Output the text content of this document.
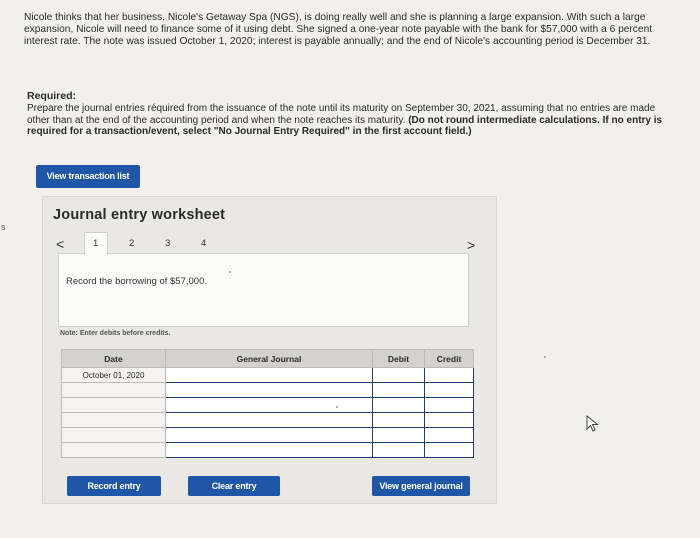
s
Nicole thinks that her business, Nicole's Getaway Spa (NGS), is doing really well and she is planning a large expansion. With such a large expansion, Nicole will need to finance some of it using debt. She signed a one-year note payable with the bank for $57,000 with a 6 percent interest rate. The note was issued October 1, 2020; interest is payable annually; and the end of Nicole's accounting period is December 31.
Required:
Prepare the journal entries réquired from the issuance of the note until its maturity on September 30, 2021, assuming that no entries are made other than at the end of the accounting period and when the note reaches its maturity. (Do not round intermediate calculations. If no entry is required for a transaction/event, select "No Journal Entry Required" in the first account field.)
View transaction list
Journal entry worksheet
<	1	2	3	4	>
Record the borrowing of $57,000.
Note: Enter debits before credits.
Date	General Journal	Debit	Credit
October 01, 2020			

Record entry	Clear entry	View general journal
